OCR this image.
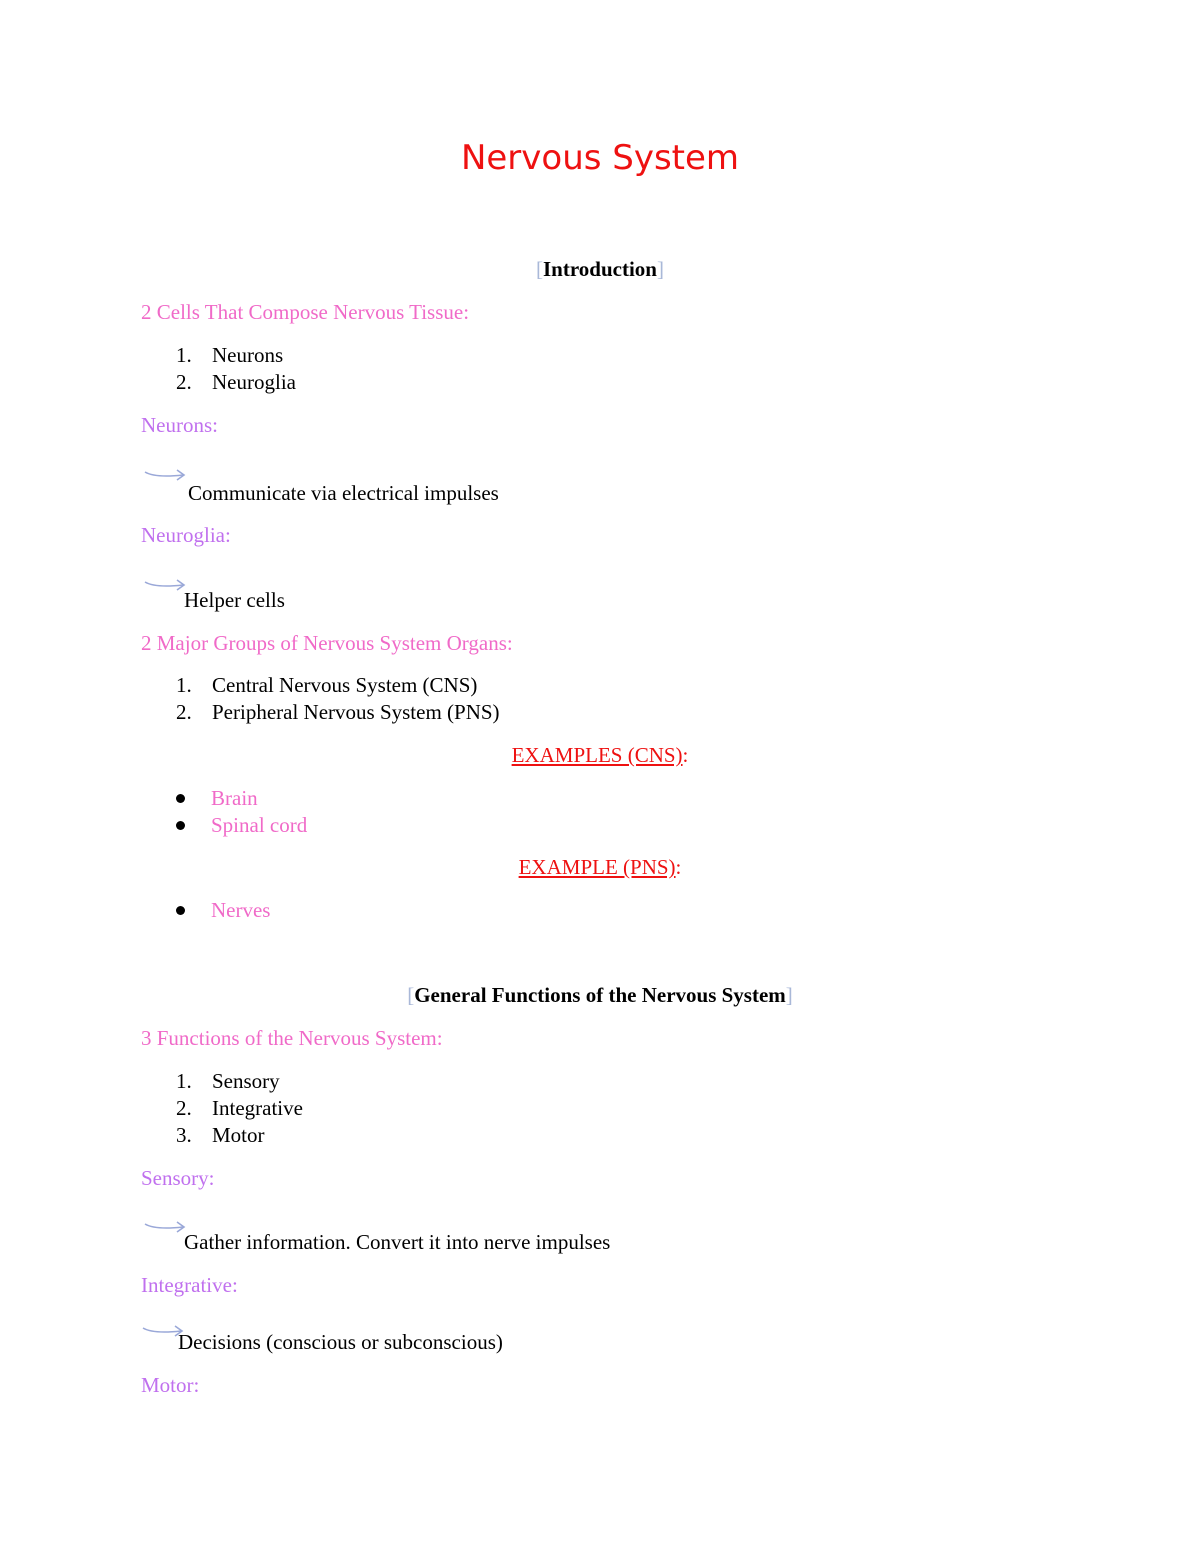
Nervous System
[Introduction]
2 Cells That Compose Nervous Tissue:
1. Neurons
2. Neuroglia
Neurons:
Communicate via electrical impulses
Neuroglia:
Helper cells
2 Major Groups of Nervous System Organs:
1. Central Nervous System (CNS)
2. Peripheral Nervous System (PNS)
EXAMPLES (CNS):
Brain
Spinal cord
EXAMPLE (PNS):
Nerves
[General Functions of the Nervous System]
3 Functions of the Nervous System:
1. Sensory
2. Integrative
3. Motor
Sensory:
Gather information. Convert it into nerve impulses
Integrative:
Decisions (conscious or subconscious)
Motor:
